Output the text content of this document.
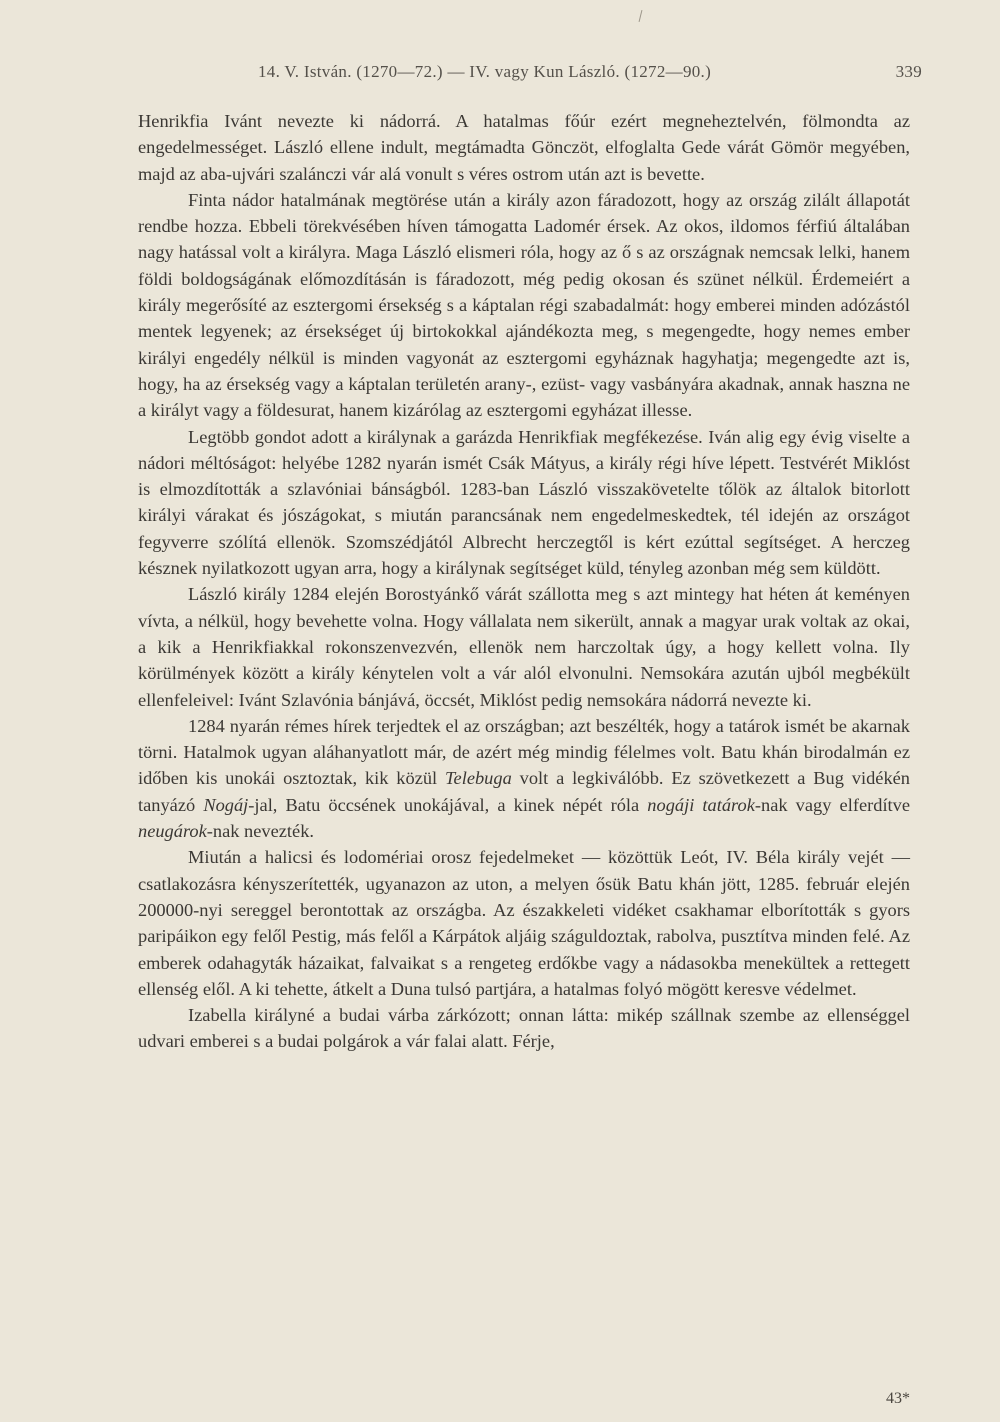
14. V. István. (1270—72.) — IV. vagy Kun László. (1272—90.)	339

Henrikfia Ivánt nevezte ki nádorrá. A hatalmas főúr ezért megneheztelvén, fölmondta az engedelmességet. László ellene indult, megtámadta Gönczöt, elfoglalta Gede várát Gömör megyében, majd az aba-ujvári szalánczi vár alá vonult s véres ostrom után azt is bevette.

Finta nádor hatalmának megtörése után a király azon fáradozott, hogy az ország zilált állapotát rendbe hozza. Ebbeli törekvésében híven támogatta Ladomér érsek. Az okos, ildomos férfiú általában nagy hatással volt a királyra. Maga László elismeri róla, hogy az ő s az országnak nemcsak lelki, hanem földi boldogságának előmozdításán is fáradozott, még pedig okosan és szünet nélkül. Érdemeiért a király megerősíté az esztergomi érsekség s a káptalan régi szabadalmát: hogy emberei minden adózástól mentek legyenek; az érsekséget új birtokokkal ajándékozta meg, s megengedte, hogy nemes ember királyi engedély nélkül is minden vagyonát az esztergomi egyháznak hagyhatja; megengedte azt is, hogy, ha az érsekség vagy a káptalan területén arany-, ezüst- vagy vasbányára akadnak, annak haszna ne a királyt vagy a földesurat, hanem kizárólag az esztergomi egyházat illesse.

Legtöbb gondot adott a királynak a garázda Henrikfiak megfékezése. Iván alig egy évig viselte a nádori méltóságot: helyébe 1282 nyarán ismét Csák Mátyus, a király régi híve lépett. Testvérét Miklóst is elmozdították a szlavóniai bánságból. 1283-ban László visszakövetelte tőlök az általok bitorlott királyi várakat és jószágokat, s miután parancsának nem engedelmeskedtek, tél idején az országot fegyverre szólítá ellenök. Szomszédjától Albrecht herczegtől is kért ezúttal segítséget. A herczeg késznek nyilatkozott ugyan arra, hogy a királynak segítséget küld, tényleg azonban még sem küldött.

László király 1284 elején Borostyánkő várát szállotta meg s azt mintegy hat héten át keményen vívta, a nélkül, hogy bevehette volna. Hogy vállalata nem sikerült, annak a magyar urak voltak az okai, a kik a Henrikfiakkal rokonszenvezvén, ellenök nem harczoltak úgy, a hogy kellett volna. Ily körülmények között a király kénytelen volt a vár alól elvonulni. Nemsokára azután ujból megbékült ellenfeleivel: Ivánt Szlavónia bánjává, öccsét, Miklóst pedig nemsokára nádorrá nevezte ki.

1284 nyarán rémes hírek terjedtek el az országban; azt beszélték, hogy a tatárok ismét be akarnak törni. Hatalmok ugyan aláhanyatlott már, de azért még mindig félelmes volt. Batu khán birodalmán ez időben kis unokái osztoztak, kik közül Telebuga volt a legkiválóbb. Ez szövetkezett a Bug vidékén tanyázó Nogáj-jal, Batu öccsének unokájával, a kinek népét róla nogáji tatárok-nak vagy elferdítve neugárok-nak nevezték.

Miután a halicsi és lodomériai orosz fejedelmeket — közöttük Leót, IV. Béla király vejét — csatlakozásra kényszerítették, ugyanazon az uton, a melyen ősük Batu khán jött, 1285. február elején 200000-nyi sereggel berontottak az országba. Az északkeleti vidéket csakhamar elborították s gyors paripáikon egy felől Pestig, más felől a Kárpátok aljáig száguldoztak, rabolva, pusztítva minden felé. Az emberek odahagyták házaikat, falvaikat s a rengeteg erdőkbe vagy a nádasokba menekültek a rettegett ellenség elől. A ki tehette, átkelt a Duna tulsó partjára, a hatalmas folyó mögött keresve védelmet.

Izabella királyné a budai várba zárkózott; onnan látta: mikép szállnak szembe az ellenséggel udvari emberei s a budai polgárok a vár falai alatt. Férje,

43*
